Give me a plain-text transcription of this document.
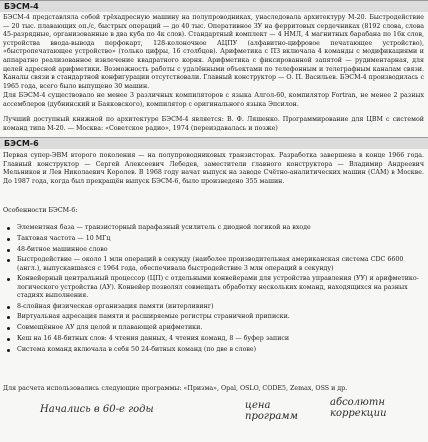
БЭСМ-4
БЭСМ-4 представляла собой трёхадресную машину на полупроводниках, унаследовала архитектуру М-20. Быстродействие — 20 тыс. плавающих оп./с, быстрых операций — до 40 тыс. Оперативное ЗУ на ферритовых сердечниках (8192 слова, слова 45-разрядные, организованные в два куба по 4к слов). Стандартный комплект — 4 НМЛ, 4 магнитных барабана по 16к слов, устройства ввода-вывода перфокарт, 128-колоночное АЦПУ (алфавитно-цифровое печатающее устройство), «быстропечатающее устройство» (только цифры, 16 столбцов). Арифметика с ПЗ включала 4 команды с модификациями и аппаратно реализованное извлечение квадратного корня. Арифметика с фиксированной запятой — рудиментарная, для целей адресной арифметики. Возможность работы с удалёнными объектами по телефонным и телеграфным каналам связи. Каналы связи в стандартной конфигурации отсутствовали. Главный конструктор — О. П. Васильев. БЭСМ-4 производилась с 1965 года, всего было выпущено 30 машин.
Для БЭСМ-4 существовало не менее 3 различных компиляторов с языка Алгол-60, компилятор Fortran, не менее 2 разных ассемблеров (дубнинский и Баяковского), компилятор с оригинального языка Эпсилон.
Лучший доступный книжной по архитектуре БЭСМ-4 является: В. Ф. Ляшенко. Программирование для ЦВМ с системой команд типа М-20. — Москва: «Советское радио», 1974 (переиздавалась и позже)
БЭСМ-6
Первая супер-ЭВМ второго поколения — на полупроводниковых транзисторах. Разработка завершена в конце 1966 года. Главный конструктор — Сергей Алексеевич Лебедев, заместители главного конструктора — Владимир Андреевич Мельников и Лев Николаевич Королев. В 1968 году начат выпуск на заводе Счётно-аналитических машин (САМ) в Москве. До 1987 года, когда был прекращён выпуск БЭСМ-6, было произведено 355 машин.
Особенности БЭСМ-6:
Элементная база — транзисторный парафазный усилитель с диодной логикой на входе
Тактовая частота — 10 МГц
48-битное машинное слово
Быстродействие — около 1 млн операций в секунду (наиболее производительная американская система CDC 6600 (англ.), выпускавшаяся с 1964 года, обеспечивала быстродействие 3 млн операций в секунду)
Конвейерный центральный процессор (ЦП) с отдельными конвейерами для устройства управления (УУ) и арифметико-логического устройства (АУ). Конвейер позволял совмещать обработку нескольких команд, находящихся на разных стадиях выполнения.
8-слойная физическая организация памяти (интерливинг)
Виртуальная адресация памяти и расширяемые регистры страничной приписки.
Совмещённое АУ для целой и плавающей арифметики.
Кеш на 16 48-битных слов: 4 чтения данных, 4 чтения команд, 8 — буфер записи
Система команд включала в себя 50 24-битных команд (по две в слове)
Для расчета использовались следующие программы: «Призма», Opal, OSLO, CODE5, Zemax, OSS и др.
Начались в 60-е годы	цена программ
абсолютн коррекции
